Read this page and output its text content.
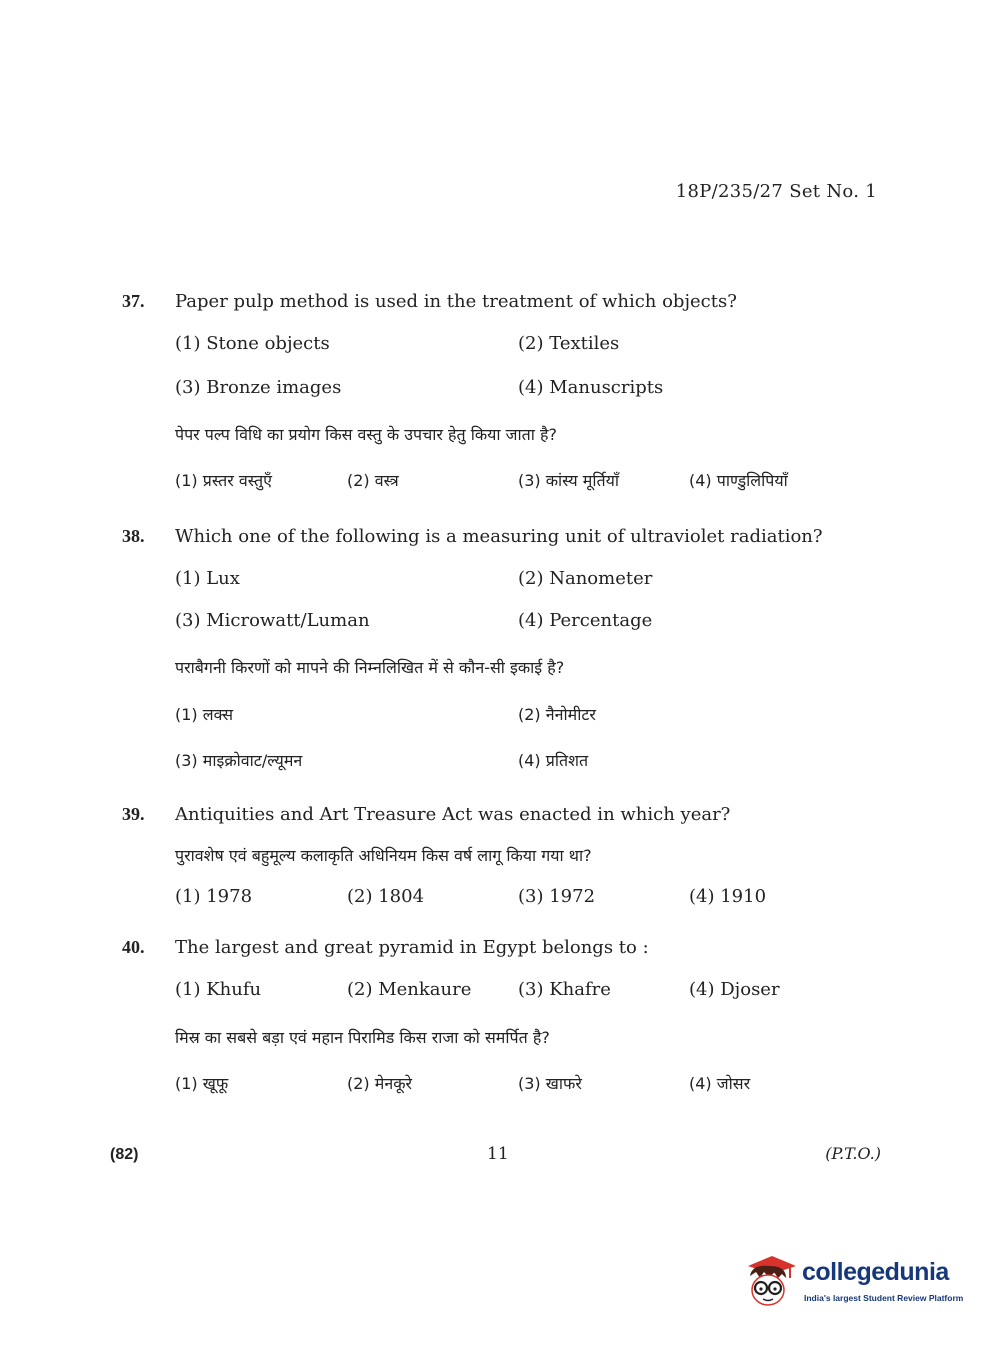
18P/235/27 Set No. 1
37. Paper pulp method is used in the treatment of which objects?
(1) Stone objects	(2) Textiles
(3) Bronze images	(4) Manuscripts
पेपर पल्प विधि का प्रयोग किस वस्तु के उपचार हेतु किया जाता है?
(1) प्रस्तर वस्तुएँ	(2) वस्त्र	(3) कांस्य मूर्तियाँ	(4) पाण्डुलिपियाँ
38. Which one of the following is a measuring unit of ultraviolet radiation?
(1) Lux	(2) Nanometer
(3) Microwatt/Luman	(4) Percentage
पराबैगनी किरणों को मापने की निम्नलिखित में से कौन-सी इकाई है?
(1) लक्स	(2) नैनोमीटर
(3) माइक्रोवाट/ल्यूमन	(4) प्रतिशत
39. Antiquities and Art Treasure Act was enacted in which year?
पुरावशेष एवं बहुमूल्य कलाकृति अधिनियम किस वर्ष लागू किया गया था?
(1) 1978	(2) 1804	(3) 1972	(4) 1910
40. The largest and great pyramid in Egypt belongs to :
(1) Khufu	(2) Menkaure	(3) Khafre	(4) Djoser
मिस्र का सबसे बड़ा एवं महान पिरामिड किस राजा को समर्पित है?
(1) खूफू	(2) मेनकूरे	(3) खाफरे	(4) जोसर
(82)	11	(P.T.O.)
collegedunia
India's largest Student Review Platform
